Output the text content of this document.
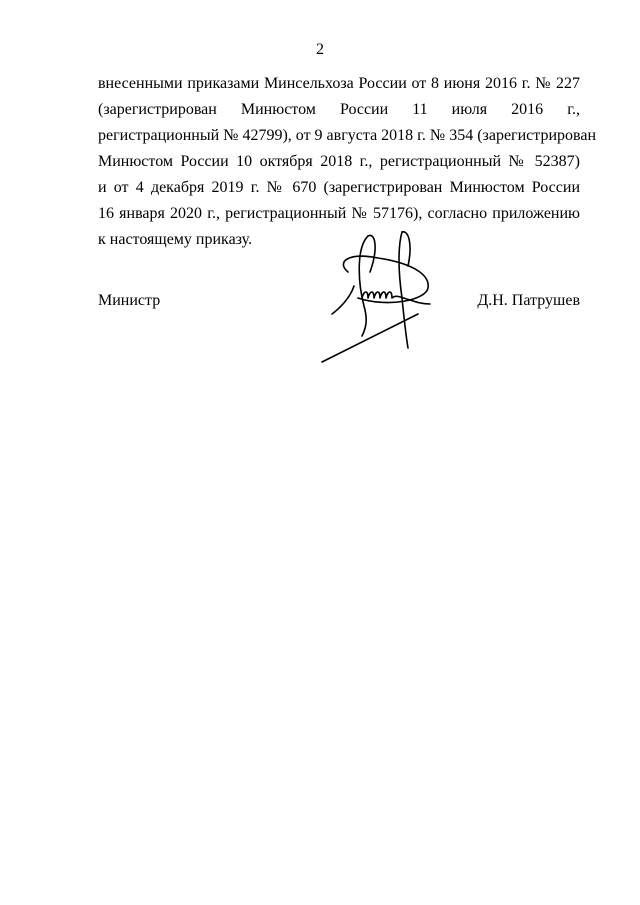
2
внесенными приказами Минсельхоза России от 8 июня 2016 г. № 227
(зарегистрирован Минюстом России 11 июля 2016 г.,
регистрационный № 42799), от 9 августа 2018 г. № 354 (зарегистрирован
Минюстом России 10 октября 2018 г., регистрационный № 52387)
и от 4 декабря 2019 г. № 670 (зарегистрирован Минюстом России
16 января 2020 г., регистрационный № 57176), согласно приложению
к настоящему приказу.
Министр	Д.Н. Патрушев
